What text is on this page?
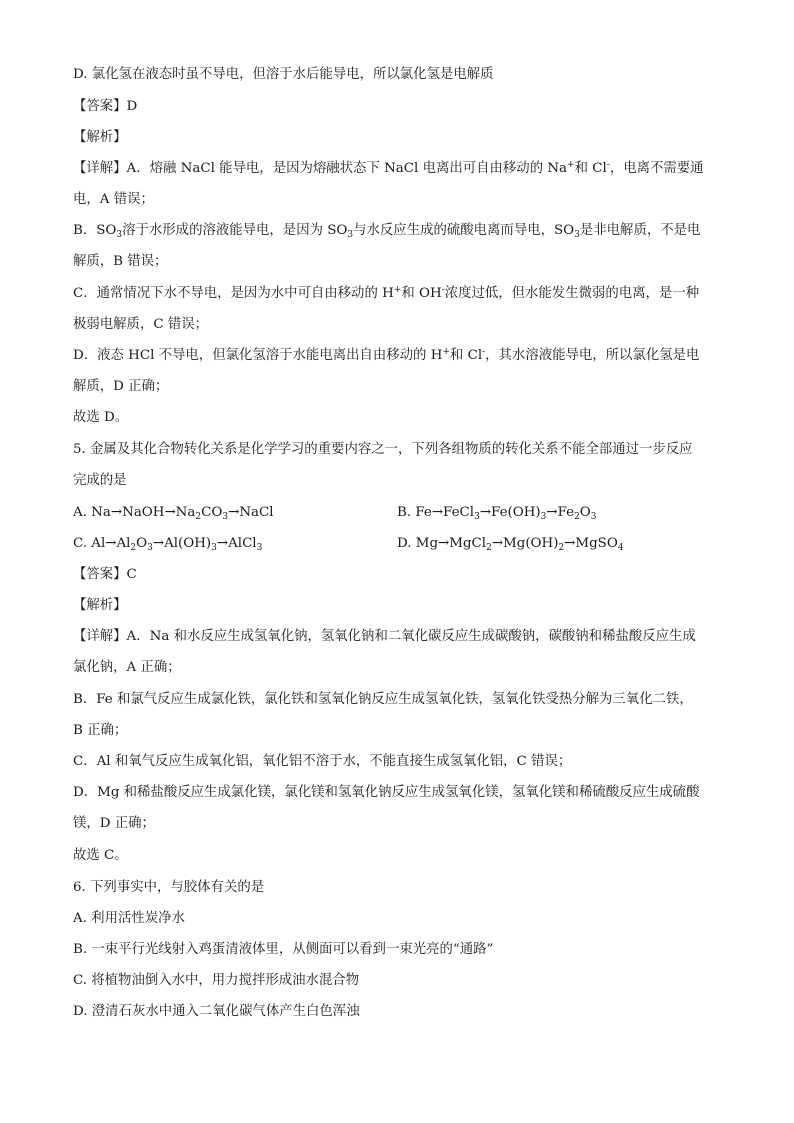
D. 氯化氢在液态时虽不导电，但溶于水后能导电，所以氯化氢是电解质
【答案】D
【解析】
【详解】A．熔融 NaCl 能导电，是因为熔融状态下 NaCl 电离出可自由移动的 Na+和 Cl-，电离不需要通
电，A 错误；
B．$SO_3$溶于水形成的溶液能导电，是因为 $SO_3$与水反应生成的硫酸电离而导电，$SO_3$是非电解质，不是电
解质，B 错误；
C．通常情况下水不导电，是因为水中可自由移动的 H+和 OH-浓度过低，但水能发生微弱的电离，是一种
极弱电解质，C 错误；
D．液态 HCl 不导电，但氯化氢溶于水能电离出自由移动的 H+和 Cl-，其水溶液能导电，所以氯化氢是电
解质，D 正确；
故选 D。
5. 金属及其化合物转化关系是化学学习的重要内容之一，下列各组物质的转化关系不能全部通过一步反应
完成的是
A. $Na\to NaOH\to Na_2CO_3\to NaCl$	B. $Fe\to FeCl_3\to Fe(OH)_3\to Fe_2O_3$
C. $Al\to Al_2O_3\to Al(OH)_3\to AlCl_3$	D. $Mg\to MgCl_2\to Mg(OH)_2\to MgSO_4$
【答案】C
【解析】
【详解】A．Na 和水反应生成氢氧化钠，氢氧化钠和二氧化碳反应生成碳酸钠，碳酸钠和稀盐酸反应生成
氯化钠，A 正确；
B．Fe 和氯气反应生成氯化铁，氯化铁和氢氧化钠反应生成氢氧化铁，氢氧化铁受热分解为三氧化二铁，
B 正确；
C．Al 和氧气反应生成氧化铝，氧化铝不溶于水，不能直接生成氢氧化铝，C 错误；
D．Mg 和稀盐酸反应生成氯化镁，氯化镁和氢氧化钠反应生成氢氧化镁，氢氧化镁和稀硫酸反应生成硫酸
镁，D 正确；
故选 C。
6. 下列事实中，与胶体有关的是
A. 利用活性炭净水
B. 一束平行光线射入鸡蛋清液体里，从侧面可以看到一束光亮的“通路”
C. 将植物油倒入水中，用力搅拌形成油水混合物
D. 澄清石灰水中通入二氧化碳气体产生白色浑浊
